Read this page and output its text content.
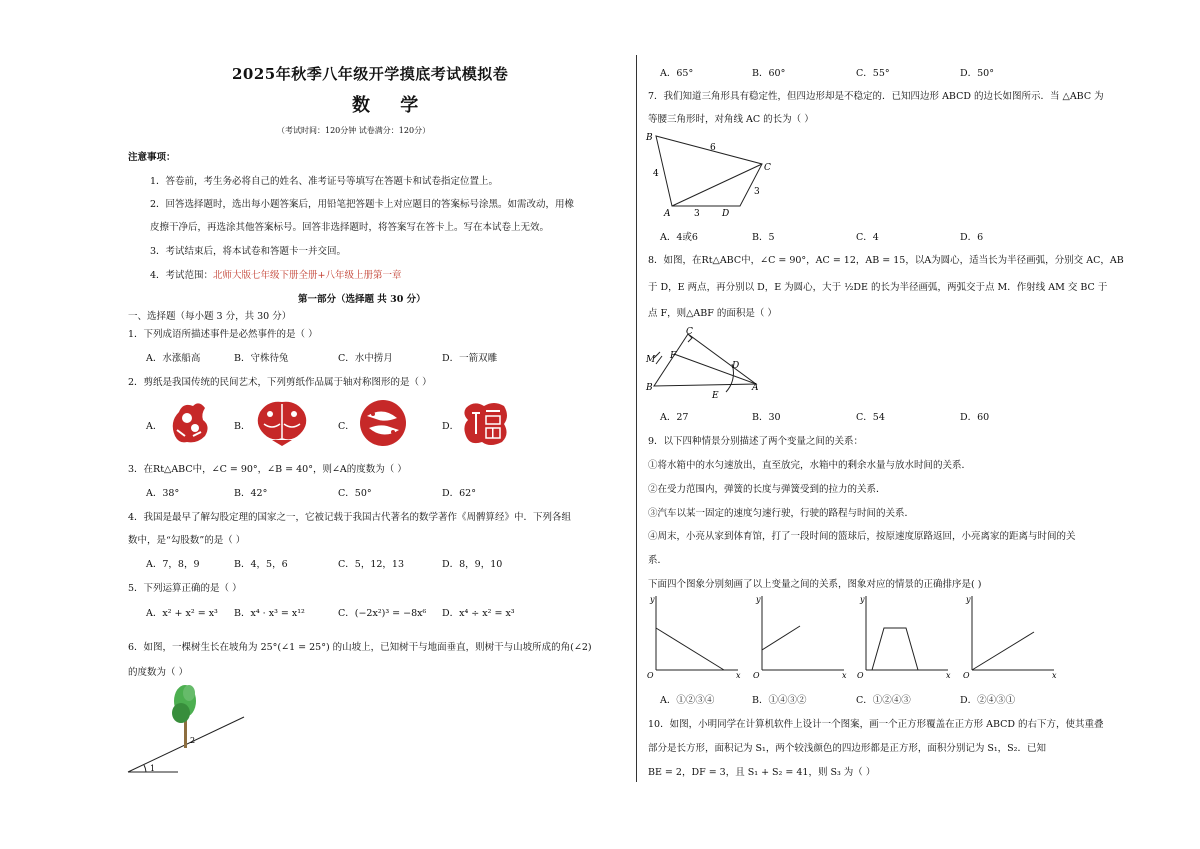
2025年秋季八年级开学摸底考试模拟卷
数 学
（考试时间：120分钟 试卷满分：120分）
注意事项：
1．答卷前，考生务必将自己的姓名、准考证号等填写在答题卡和试卷指定位置上。
2．回答选择题时，选出每小题答案后，用铅笔把答题卡上对应题目的答案标号涂黑。如需改动，用橡
皮擦干净后，再选涂其他答案标号。回答非选择题时，将答案写在答卡上。写在本试卷上无效。
3．考试结束后，将本试卷和答题卡一并交回。
4．考试范围：北师大版七年级下册全册+八年级上册第一章
第一部分（选择题 共 30 分）
一、选择题（每小题 3 分，共 30 分）
1．下列成语所描述事件是必然事件的是（ ）
A．水涨船高	B．守株待兔	C．水中捞月	D．一箭双雕
2．剪纸是我国传统的民间艺术，下列剪纸作品属于轴对称图形的是（ ）
A．	B．	C．	D．
3．在Rt△ABC中，∠C = 90°，∠B = 40°，则∠A的度数为（ ）
A．38°	B．42°	C．50°	D．62°
4．我国是最早了解勾股定理的国家之一，它被记载于我国古代著名的数学著作《周髀算经》中．下列各组
数中，是“勾股数”的是（ ）
A．7，8，9	B．4，5，6	C．5，12，13	D．8，9，10
5．下列运算正确的是（ ）
A．x² + x² = x³ B．x⁴ · x³ = x¹²	C．(−2x²)³ = −8x⁶ D．x⁴ ÷ x² = x³
6．如图，一棵树生长在坡角为 25°(∠1 = 25°) 的山坡上，已知树干与地面垂直，则树干与山坡所成的角(∠2)
的度数为（ ）
2
1
A．65°	B．60°	C．55°	D．50°
7．我们知道三角形具有稳定性，但四边形却是不稳定的．已知四边形 ABCD 的边长如图所示．当 △ABC 为
等腰三角形时，对角线 AC 的长为（ ）
B
C
A	D
4
6
3
3
A．4或6	B．5	C．4	D．6
8．如图，在Rt△ABC中，∠C = 90°，AC = 12，AB = 15，以A为圆心，适当长为半径画弧，分别交 AC，AB
于 D，E 两点，再分别以 D，E 为圆心，大于 ½DE 的长为半径画弧，两弧交于点 M．作射线 AM 交 BC 于
点 F，则△ABF 的面积是（ ）
C
M F
D
B
E
A
A．27	B．30	C．54	D．60
9．以下四种情景分别描述了两个变量之间的关系：
①将水箱中的水匀速放出，直至放完，水箱中的剩余水量与放水时间的关系．
②在受力范围内，弹簧的长度与弹簧受到的拉力的关系．
③汽车以某一固定的速度匀速行驶，行驶的路程与时间的关系．
④周末，小亮从家到体育馆，打了一段时间的篮球后，按原速度原路返回，小亮离家的距离与时间的关
系．
下面四个图象分别刻画了以上变量之间的关系，图象对应的情景的正确排序是( )
y
x
O
y
x
O
y
x
O
y
x
O
A．①②③④	B．①④③②	C．①②④③	D．②④③①
10．如图，小明同学在计算机软件上设计一个图案，画一个正方形覆盖在正方形 ABCD 的右下方，使其重叠
部分是长方形，面积记为 S₁，两个较浅颜色的四边形都是正方形，面积分别记为 S₁，S₂．已知
BE = 2，DF = 3，且 S₁ + S₂ = 41，则 S₃ 为（ ）
